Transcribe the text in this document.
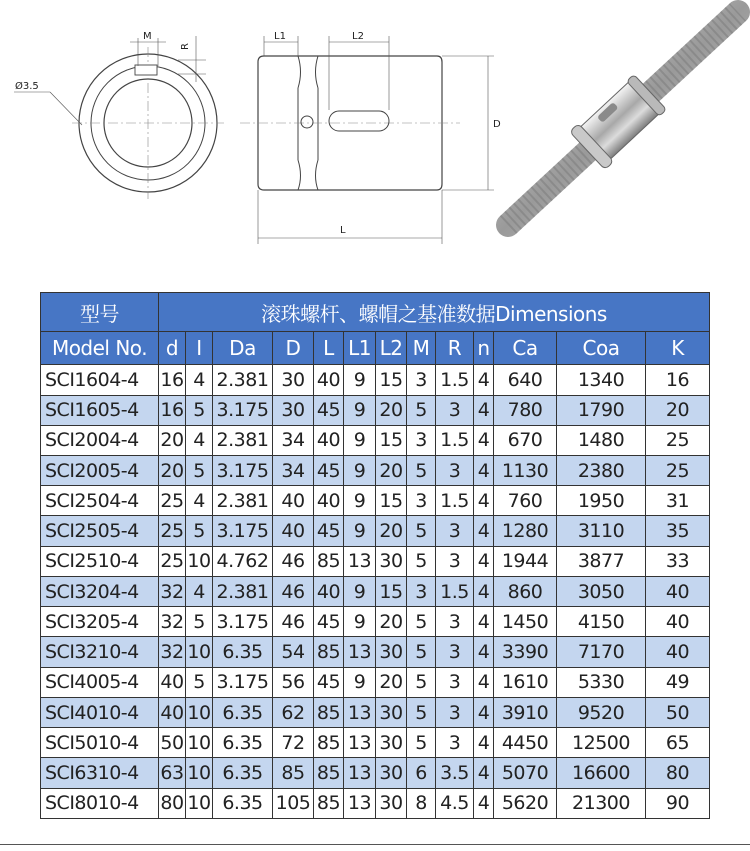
M
R
Ø3.5
L1	L2
D
L
型号	滚珠螺杆、螺帽之基准数据Dimensions												
Model No.	d	I	Da	D	L	L1	L2	M	R	n	Ca	Coa	K
SCI1604-4	16	4	2.381	30	40	9	15	3	1.5	4	640	1340	16
SCI1605-4	16	5	3.175	30	45	9	20	5	3	4	780	1790	20
SCI2004-4	20	4	2.381	34	40	9	15	3	1.5	4	670	1480	25
SCI2005-4	20	5	3.175	34	45	9	20	5	3	4	1130	2380	25
SCI2504-4	25	4	2.381	40	40	9	15	3	1.5	4	760	1950	31
SCI2505-4	25	5	3.175	40	45	9	20	5	3	4	1280	3110	35
SCI2510-4	25	10	4.762	46	85	13	30	5	3	4	1944	3877	33
SCI3204-4	32	4	2.381	46	40	9	15	3	1.5	4	860	3050	40
SCI3205-4	32	5	3.175	46	45	9	20	5	3	4	1450	4150	40
SCI3210-4	32	10	6.35	54	85	13	30	5	3	4	3390	7170	40
SCI4005-4	40	5	3.175	56	45	9	20	5	3	4	1610	5330	49
SCI4010-4	40	10	6.35	62	85	13	30	5	3	4	3910	9520	50
SCI5010-4	50	10	6.35	72	85	13	30	5	3	4	4450	12500	65
SCI6310-4	63	10	6.35	85	85	13	30	6	3.5	4	5070	16600	80
SCI8010-4	80	10	6.35	105	85	13	30	8	4.5	4	5620	21300	90
